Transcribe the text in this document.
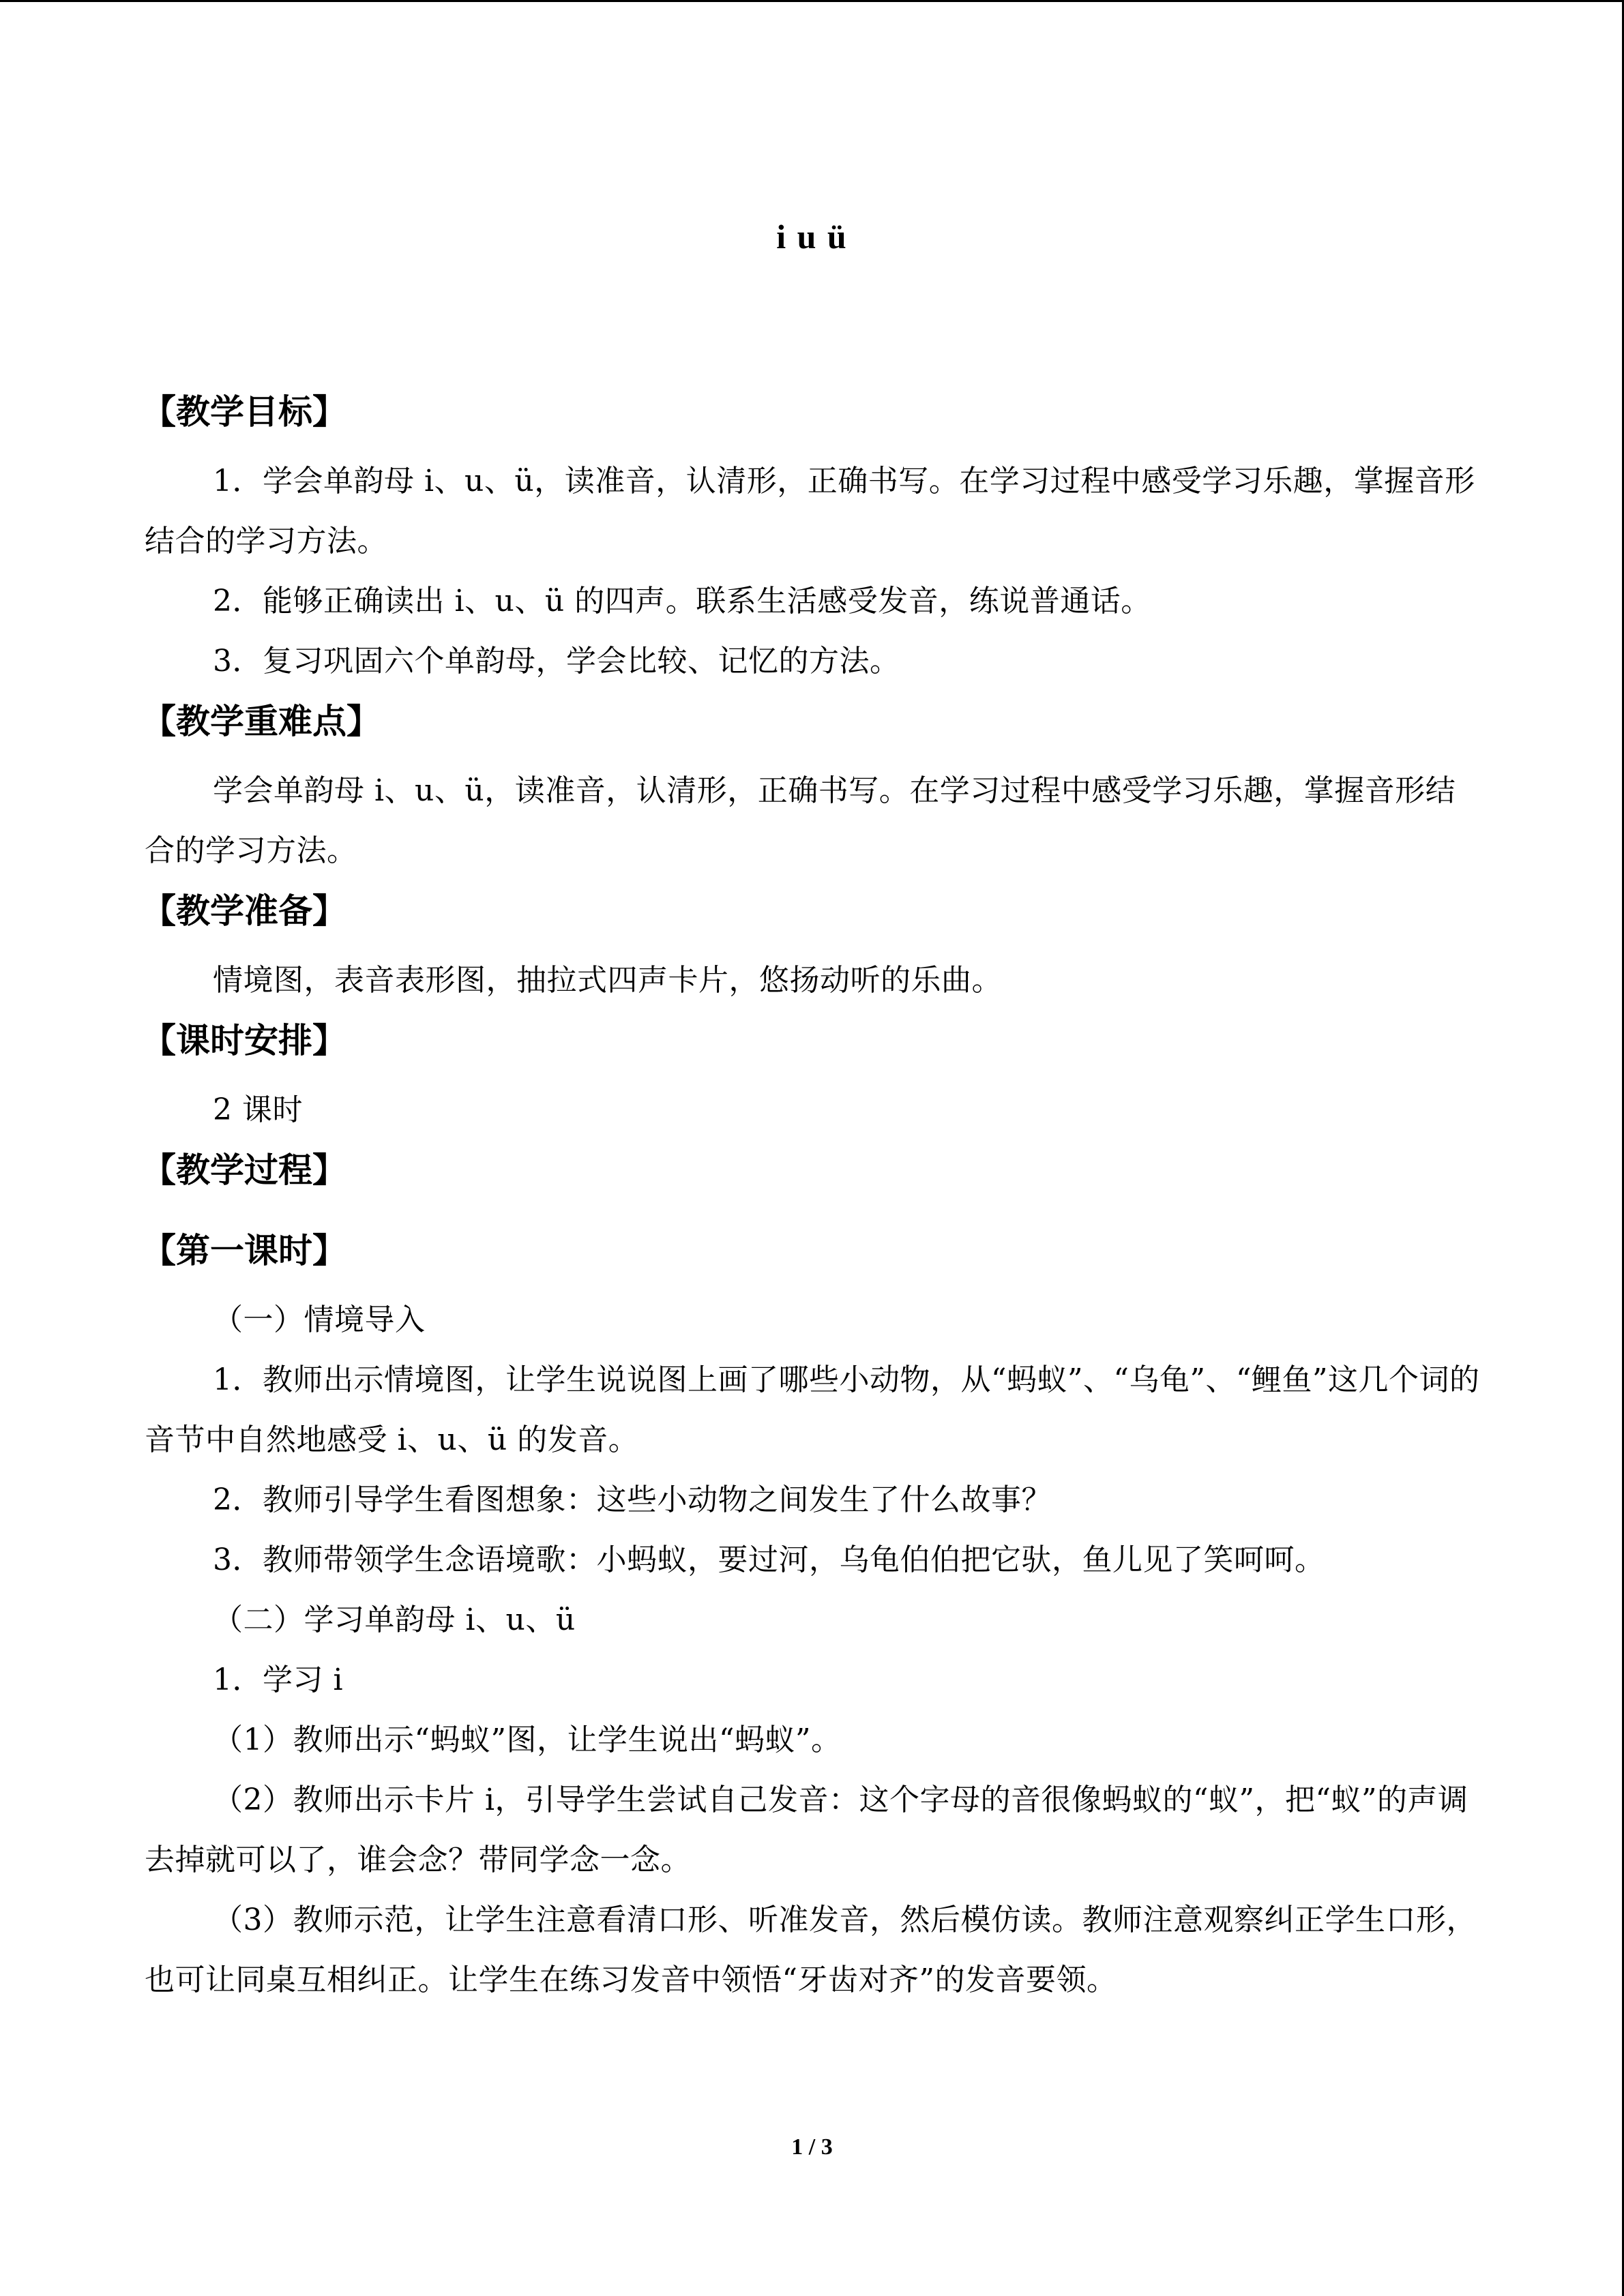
i u ü
【教学目标】
1．学会单韵母 i、u、ü，读准音，认清形，正确书写。在学习过程中感受学习乐趣，掌握音形结合的学习方法。
2．能够正确读出 i、u、ü 的四声。联系生活感受发音，练说普通话。
3．复习巩固六个单韵母，学会比较、记忆的方法。
【教学重难点】
学会单韵母 i、u、ü，读准音，认清形，正确书写。在学习过程中感受学习乐趣，掌握音形结合的学习方法。
【教学准备】
情境图，表音表形图，抽拉式四声卡片，悠扬动听的乐曲。
【课时安排】
2 课时
【教学过程】
【第一课时】
（一）情境导入
1．教师出示情境图，让学生说说图上画了哪些小动物，从“蚂蚁”、“乌龟”、“鲤鱼”这几个词的音节中自然地感受 i、u、ü 的发音。
2．教师引导学生看图想象：这些小动物之间发生了什么故事？
3．教师带领学生念语境歌：小蚂蚁，要过河，乌龟伯伯把它驮，鱼儿见了笑呵呵。
（二）学习单韵母 i、u、ü
1．学习 i
（1）教师出示“蚂蚁”图，让学生说出“蚂蚁”。
（2）教师出示卡片 i，引导学生尝试自己发音：这个字母的音很像蚂蚁的“蚁”，把“蚁”的声调去掉就可以了，谁会念？带同学念一念。
（3）教师示范，让学生注意看清口形、听准发音，然后模仿读。教师注意观察纠正学生口形，也可让同桌互相纠正。让学生在练习发音中领悟“牙齿对齐”的发音要领。
1 / 3
